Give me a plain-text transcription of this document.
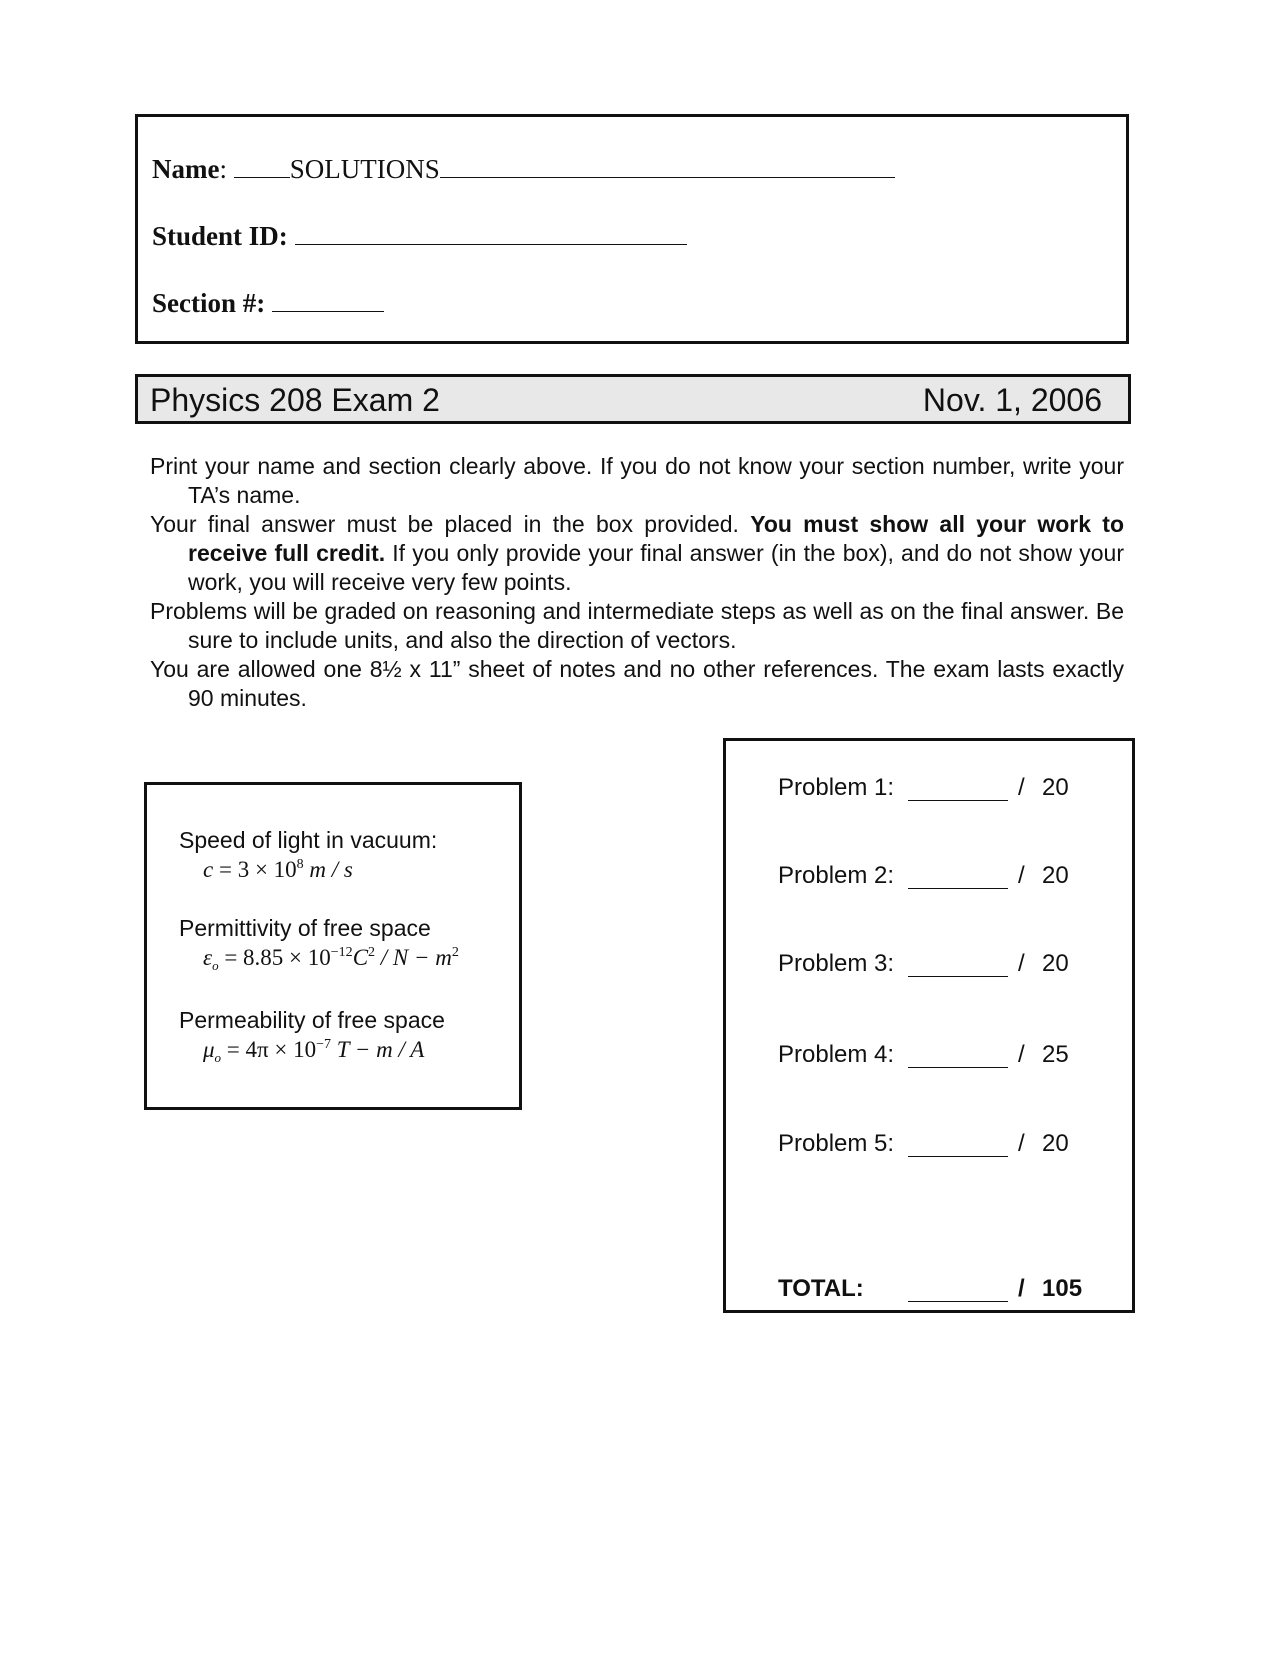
Name: SOLUTIONS
Student ID:
Section #:
Physics 208 Exam 2	Nov. 1, 2006

Print your name and section clearly above. If you do not know your section number, write your TA’s name.

Your final answer must be placed in the box provided. You must show all your work to receive full credit. If you only provide your final answer (in the box), and do not show your work, you will receive very few points.

Problems will be graded on reasoning and intermediate steps as well as on the final answer. Be sure to include units, and also the direction of vectors.

You are allowed one 8½ x 11” sheet of notes and no other references. The exam lasts exactly 90 minutes.

Speed of light in vacuum:
$c = 3 \times 10^8$ m / s
Permittivity of free space
$\varepsilon_o = 8.85 \times 10^{-12}C^2 / N - m^2$
Permeability of free space
$\mu_o = 4\pi \times 10^{-7}$ T − m / A
Problem 1:	/ 20
Problem 2:	/ 20
Problem 3:	/ 20
Problem 4:	/ 25
Problem 5:	/ 20
TOTAL:	/ 105
